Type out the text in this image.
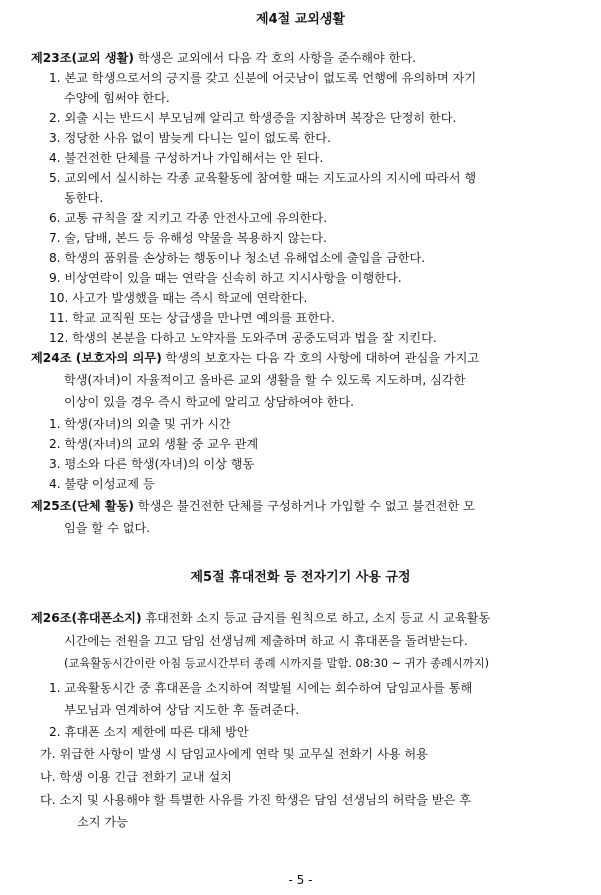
제4절 교외생활
제23조(교외 생활) 학생은 교외에서 다음 각 호의 사항을 준수해야 한다.
1. 본교 학생으로서의 긍지를 갖고 신분에 어긋남이 없도록 언행에 유의하며 자기
수양에 힘써야 한다.
2. 외출 시는 반드시 부모님께 알리고 학생증을 지참하며 복장은 단정히 한다.
3. 정당한 사유 없이 밤늦게 다니는 일이 없도록 한다.
4. 불건전한 단체를 구성하거나 가입해서는 안 된다.
5. 교외에서 실시하는 각종 교육활동에 참여할 때는 지도교사의 지시에 따라서 행
동한다.
6. 교통 규칙을 잘 지키고 각종 안전사고에 유의한다.
7. 술, 담배, 본드 등 유해성 약물을 복용하지 않는다.
8. 학생의 품위를 손상하는 행동이나 청소년 유해업소에 출입을 금한다.
9. 비상연락이 있을 때는 연락을 신속히 하고 지시사항을 이행한다.
10. 사고가 발생했을 때는 즉시 학교에 연락한다.
11. 학교 교직원 또는 상급생을 만나면 예의를 표한다.
12. 학생의 본분을 다하고 노약자를 도와주며 공중도덕과 법을 잘 지킨다.
제24조 (보호자의 의무) 학생의 보호자는 다음 각 호의 사항에 대하여 관심을 가지고
학생(자녀)이 자율적이고 올바른 교외 생활을 할 수 있도록 지도하며, 심각한
이상이 있을 경우 즉시 학교에 알리고 상담하여야 한다.
1. 학생(자녀)의 외출 및 귀가 시간
2. 학생(자녀)의 교외 생활 중 교우 관계
3. 평소와 다른 학생(자녀)의 이상 행동
4. 불량 이성교제 등
제25조(단체 활동) 학생은 불건전한 단체를 구성하거나 가입할 수 없고 불건전한 모
임을 할 수 없다.
제5절 휴대전화 등 전자기기 사용 규정
제26조(휴대폰소지) 휴대전화 소지 등교 금지를 원칙으로 하고, 소지 등교 시 교육활동
시간에는 전원을 끄고 담임 선생님께 제출하며 하교 시 휴대폰을 돌려받는다.
(교육활동시간이란 아침 등교시간부터 종례 시까지를 말함. 08:30 ~ 귀가 종례시까지)
1. 교육활동시간 중 휴대폰을 소지하여 적발될 시에는 회수하여 담임교사를 통해
부모님과 연계하여 상담 지도한 후 돌려준다.
2. 휴대폰 소지 제한에 따른 대체 방안
가. 위급한 사항이 발생 시 담임교사에게 연락 및 교무실 전화기 사용 허용
나. 학생 이용 긴급 전화기 교내 설치
다. 소지 및 사용해야 할 특별한 사유를 가진 학생은 담임 선생님의 허락을 받은 후
소지 가능
- 5 -
